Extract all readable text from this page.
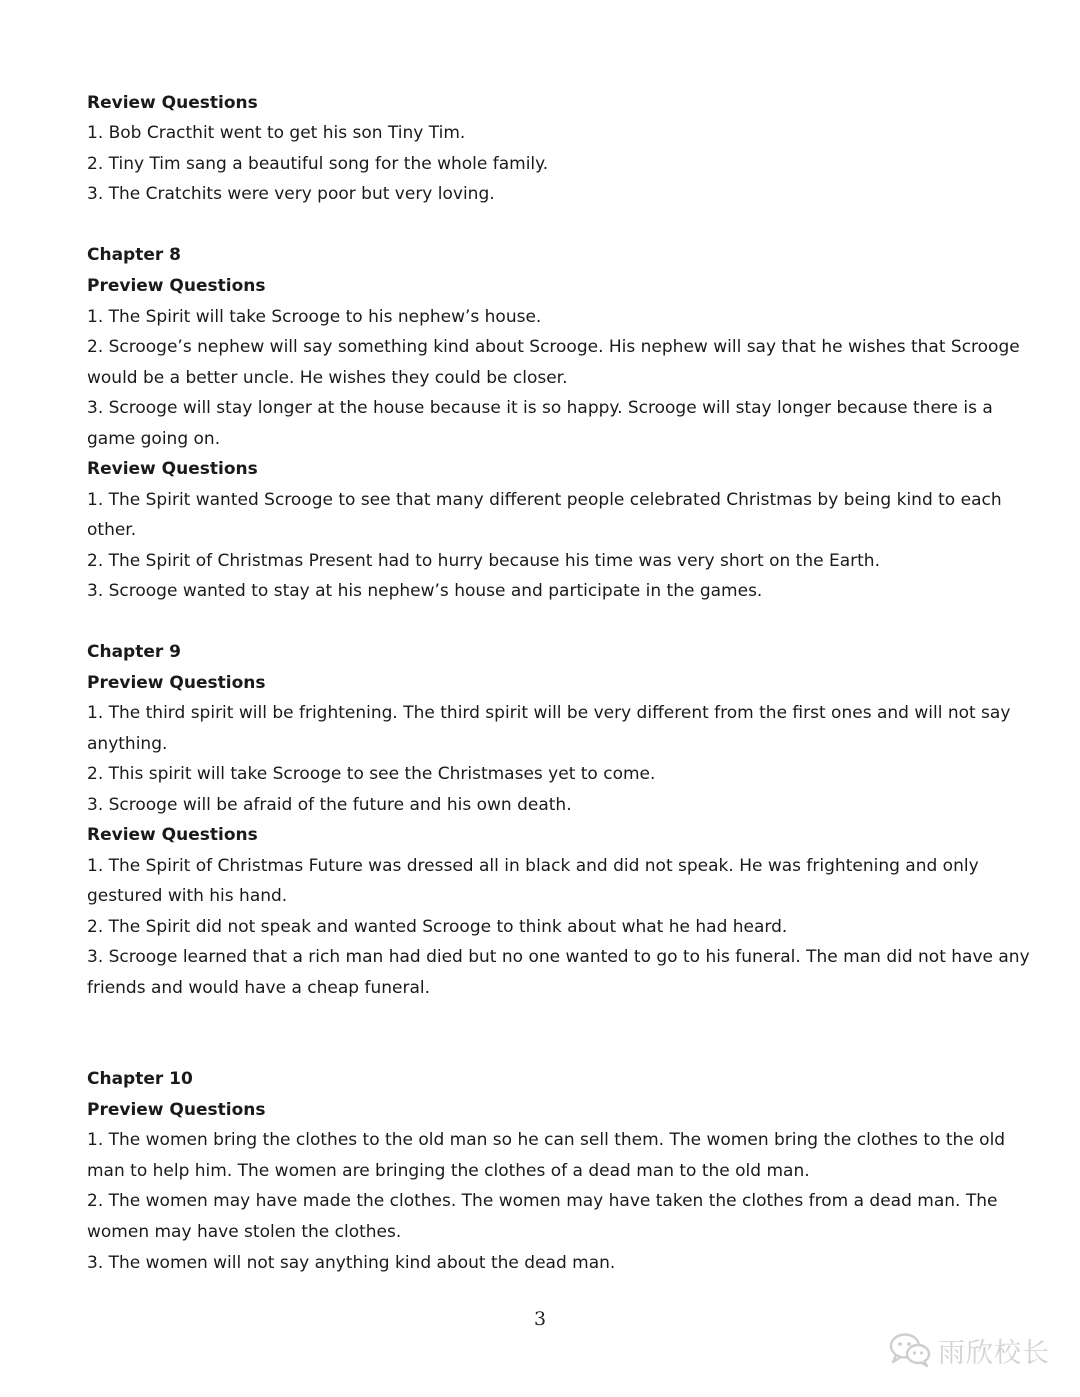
Review Questions
1. Bob Cracthit went to get his son Tiny Tim.
2. Tiny Tim sang a beautiful song for the whole family.
3. The Cratchits were very poor but very loving.
Chapter 8
Preview Questions
1. The Spirit will take Scrooge to his nephew’s house.
2. Scrooge’s nephew will say something kind about Scrooge. His nephew will say that he wishes that Scrooge
would be a better uncle. He wishes they could be closer.
3. Scrooge will stay longer at the house because it is so happy. Scrooge will stay longer because there is a
game going on.
Review Questions
1. The Spirit wanted Scrooge to see that many different people celebrated Christmas by being kind to each
other.
2. The Spirit of Christmas Present had to hurry because his time was very short on the Earth.
3. Scrooge wanted to stay at his nephew’s house and participate in the games.
Chapter 9
Preview Questions
1. The third spirit will be frightening. The third spirit will be very different from the first ones and will not say
anything.
2. This spirit will take Scrooge to see the Christmases yet to come.
3. Scrooge will be afraid of the future and his own death.
Review Questions
1. The Spirit of Christmas Future was dressed all in black and did not speak. He was frightening and only
gestured with his hand.
2. The Spirit did not speak and wanted Scrooge to think about what he had heard.
3. Scrooge learned that a rich man had died but no one wanted to go to his funeral. The man did not have any
friends and would have a cheap funeral.
Chapter 10
Preview Questions
1. The women bring the clothes to the old man so he can sell them. The women bring the clothes to the old
man to help him. The women are bringing the clothes of a dead man to the old man.
2. The women may have made the clothes. The women may have taken the clothes from a dead man. The
women may have stolen the clothes.
3. The women will not say anything kind about the dead man.
3
雨欣校长
